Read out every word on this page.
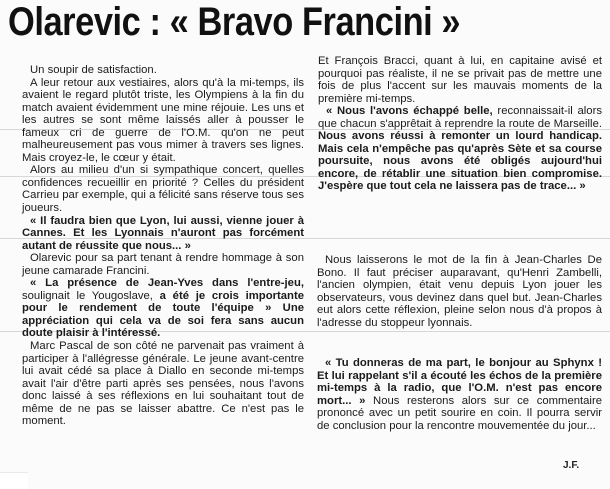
Olarevic : « Bravo Francini »

Un soupir de satisfaction.

A leur retour aux vestiaires, alors qu'à la mi-temps, ils avaient le regard plutôt triste, les Olympiens à la fin du match avaient évidemment une mine réjouie. Les uns et les autres se sont même laissés aller à pousser le fameux cri de guerre de l'O.M. qu'on ne peut malheureusement pas vous mimer à travers ses lignes. Mais croyez-le, le cœur y était.

Alors au milieu d'un si sympathique concert, quelles confidences recueillir en priorité ? Celles du président Carrieu par exemple, qui a félicité sans réserve tous ses joueurs.

« Il faudra bien que Lyon, lui aussi, vienne jouer à Cannes. Et les Lyonnais n'auront pas forcément autant de réussite que nous... »

Olarevic pour sa part tenant à rendre hommage à son jeune camarade Francini.

« La présence de Jean-Yves dans l'entre-jeu, soulignait le Yougoslave, a été je crois importante pour le rendement de toute l'équipe » Une appréciation qui cela va de soi fera sans aucun doute plaisir à l'intéressé.

Marc Pascal de son côté ne parvenait pas vraiment à participer à l'allégresse générale. Le jeune avant-centre lui avait cédé sa place à Diallo en seconde mi-temps avait l'air d'être parti après ses pensées, nous l'avons donc laissé à ses réflexions en lui souhaitant tout de même de ne pas se laisser abattre. Ce n'est pas le moment.

Et François Bracci, quant à lui, en capitaine avisé et pourquoi pas réaliste, il ne se privait pas de mettre une fois de plus l'accent sur les mauvais moments de la première mi-temps.

« Nous l'avons échappé belle, reconnaissait-il alors que chacun s'apprêtait à reprendre la route de Marseille. Nous avons réussi à remonter un lourd handicap. Mais cela n'empêche pas qu'après Sète et sa course poursuite, nous avons été obligés aujourd'hui encore, de rétablir une situation bien compromise. J'espère que tout cela ne laissera pas de trace... »

Nous laisserons le mot de la fin à Jean-Charles De Bono. Il faut préciser auparavant, qu'Henri Zambelli, l'ancien olympien, était venu depuis Lyon jouer les observateurs, vous devinez dans quel but. Jean-Charles eut alors cette réflexion, pleine selon nous d'à propos à l'adresse du stoppeur lyonnais.

« Tu donneras de ma part, le bonjour au Sphynx ! Et lui rappelant s'il a écouté les échos de la première mi-temps à la radio, que l'O.M. n'est pas encore mort... » Nous resterons alors sur ce commentaire prononcé avec un petit sourire en coin. Il pourra servir de conclusion pour la rencontre mouvementée du jour...

J.F.
